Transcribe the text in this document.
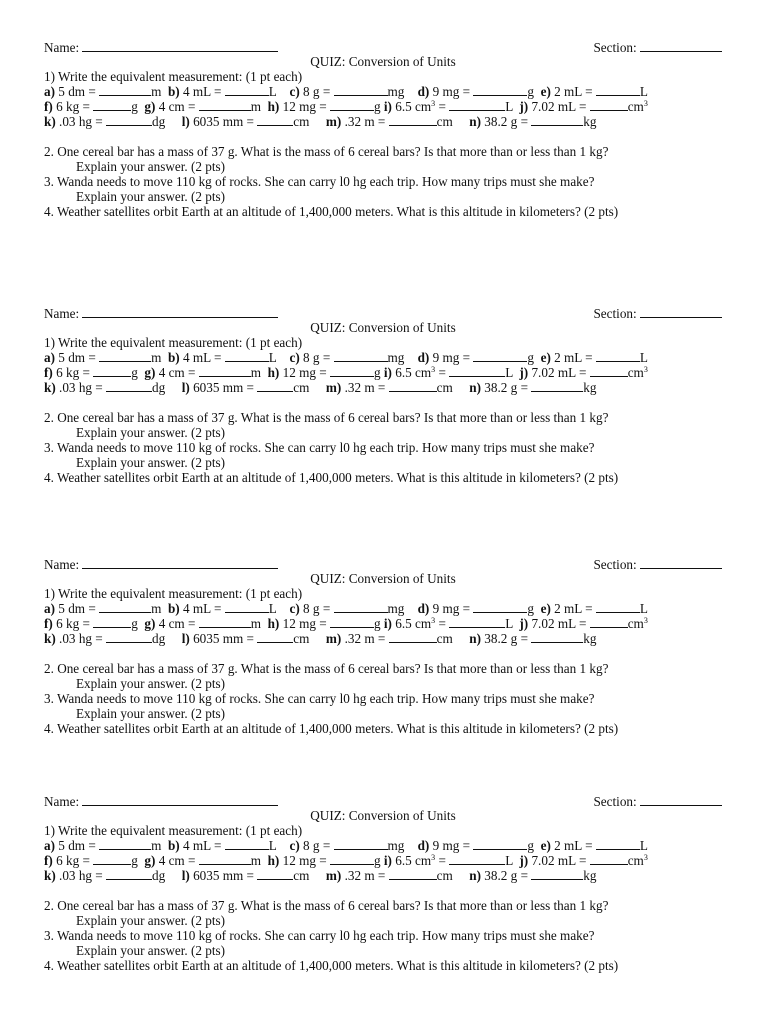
Name:	Section:
QUIZ: Conversion of Units
1) Write the equivalent measurement: (1 pt each)
a) 5 dm =	m b) 4 mL =	L c) 8 g =	mg d) 9 mg =	g e) 2 mL =	L
f) 6 kg =	g g) 4 cm =	m h) 12 mg =	g i) 6.5 $cm^3$ =	L j) 7.02 mL =	$cm^3$
k) .03 hg =	dg l) 6035 mm =	cm m) .32 m =	cm n) 38.2 g =	kg
2. One cereal bar has a mass of 37 g. What is the mass of 6 cereal bars? Is that more than or less than 1 kg?
Explain your answer. (2 pts)
3. Wanda needs to move 110 kg of rocks. She can carry l0 hg each trip. How many trips must she make?
Explain your answer. (2 pts)
4. Weather satellites orbit Earth at an altitude of 1,400,000 meters. What is this altitude in kilometers? (2 pts)
Name:	Section:
QUIZ: Conversion of Units
1) Write the equivalent measurement: (1 pt each)
a) 5 dm =	m b) 4 mL =	L c) 8 g =	mg d) 9 mg =	g e) 2 mL =	L
f) 6 kg =	g g) 4 cm =	m h) 12 mg =	g i) 6.5 $cm^3$ =	L j) 7.02 mL =	$cm^3$
k) .03 hg =	dg l) 6035 mm =	cm m) .32 m =	cm n) 38.2 g =	kg
2. One cereal bar has a mass of 37 g. What is the mass of 6 cereal bars? Is that more than or less than 1 kg?
Explain your answer. (2 pts)
3. Wanda needs to move 110 kg of rocks. She can carry l0 hg each trip. How many trips must she make?
Explain your answer. (2 pts)
4. Weather satellites orbit Earth at an altitude of 1,400,000 meters. What is this altitude in kilometers? (2 pts)
Name:	Section:
QUIZ: Conversion of Units
1) Write the equivalent measurement: (1 pt each)
a) 5 dm =	m b) 4 mL =	L c) 8 g =	mg d) 9 mg =	g e) 2 mL =	L
f) 6 kg =	g g) 4 cm =	m h) 12 mg =	g i) 6.5 $cm^3$ =	L j) 7.02 mL =	$cm^3$
k) .03 hg =	dg l) 6035 mm =	cm m) .32 m =	cm n) 38.2 g =	kg
2. One cereal bar has a mass of 37 g. What is the mass of 6 cereal bars? Is that more than or less than 1 kg?
Explain your answer. (2 pts)
3. Wanda needs to move 110 kg of rocks. She can carry l0 hg each trip. How many trips must she make?
Explain your answer. (2 pts)
4. Weather satellites orbit Earth at an altitude of 1,400,000 meters. What is this altitude in kilometers? (2 pts)
Name:	Section:
QUIZ: Conversion of Units
1) Write the equivalent measurement: (1 pt each)
a) 5 dm =	m b) 4 mL =	L c) 8 g =	mg d) 9 mg =	g e) 2 mL =	L
f) 6 kg =	g g) 4 cm =	m h) 12 mg =	g i) 6.5 $cm^3$ =	L j) 7.02 mL =	$cm^3$
k) .03 hg =	dg l) 6035 mm =	cm m) .32 m =	cm n) 38.2 g =	kg
2. One cereal bar has a mass of 37 g. What is the mass of 6 cereal bars? Is that more than or less than 1 kg?
Explain your answer. (2 pts)
3. Wanda needs to move 110 kg of rocks. She can carry l0 hg each trip. How many trips must she make?
Explain your answer. (2 pts)
4. Weather satellites orbit Earth at an altitude of 1,400,000 meters. What is this altitude in kilometers? (2 pts)
